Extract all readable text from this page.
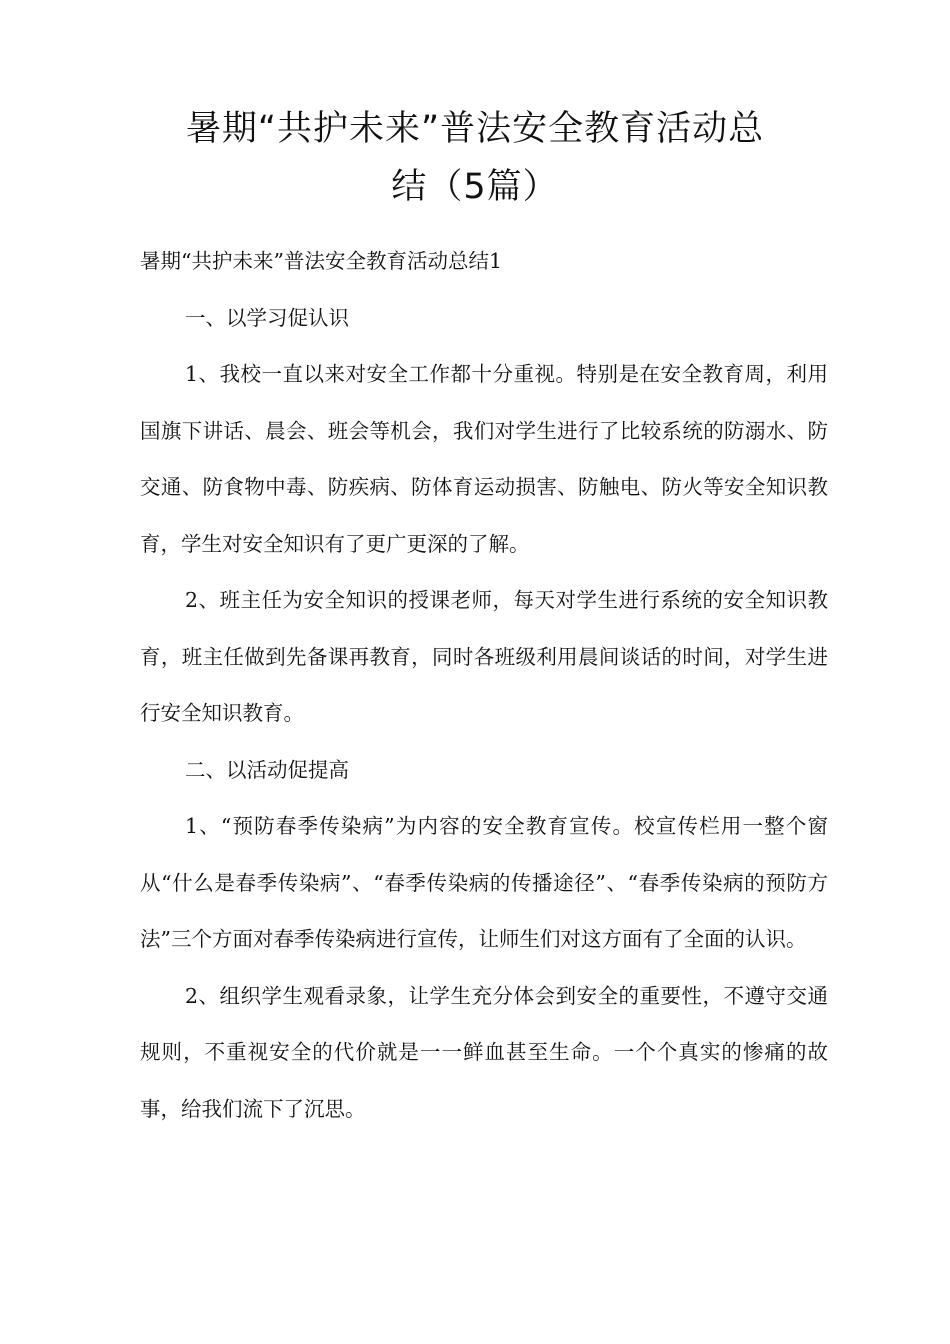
暑期“共护未来”普法安全教育活动总
结（5篇）

暑期“共护未来”普法安全教育活动总结1

一、以学习促认识

1、我校一直以来对安全工作都十分重视。特别是在安全教育周，利用国旗下讲话、晨会、班会等机会，我们对学生进行了比较系统的防溺水、防交通、防食物中毒、防疾病、防体育运动损害、防触电、防火等安全知识教育，学生对安全知识有了更广更深的了解。

2、班主任为安全知识的授课老师，每天对学生进行系统的安全知识教育，班主任做到先备课再教育，同时各班级利用晨间谈话的时间，对学生进行安全知识教育。

二、以活动促提高

1、“预防春季传染病”为内容的安全教育宣传。校宣传栏用一整个窗从“什么是春季传染病”、“春季传染病的传播途径”、“春季传染病的预防方法”三个方面对春季传染病进行宣传，让师生们对这方面有了全面的认识。

2、组织学生观看录象，让学生充分体会到安全的重要性，不遵守交通规则，不重视安全的代价就是一一鲜血甚至生命。一个个真实的惨痛的故事，给我们流下了沉思。
